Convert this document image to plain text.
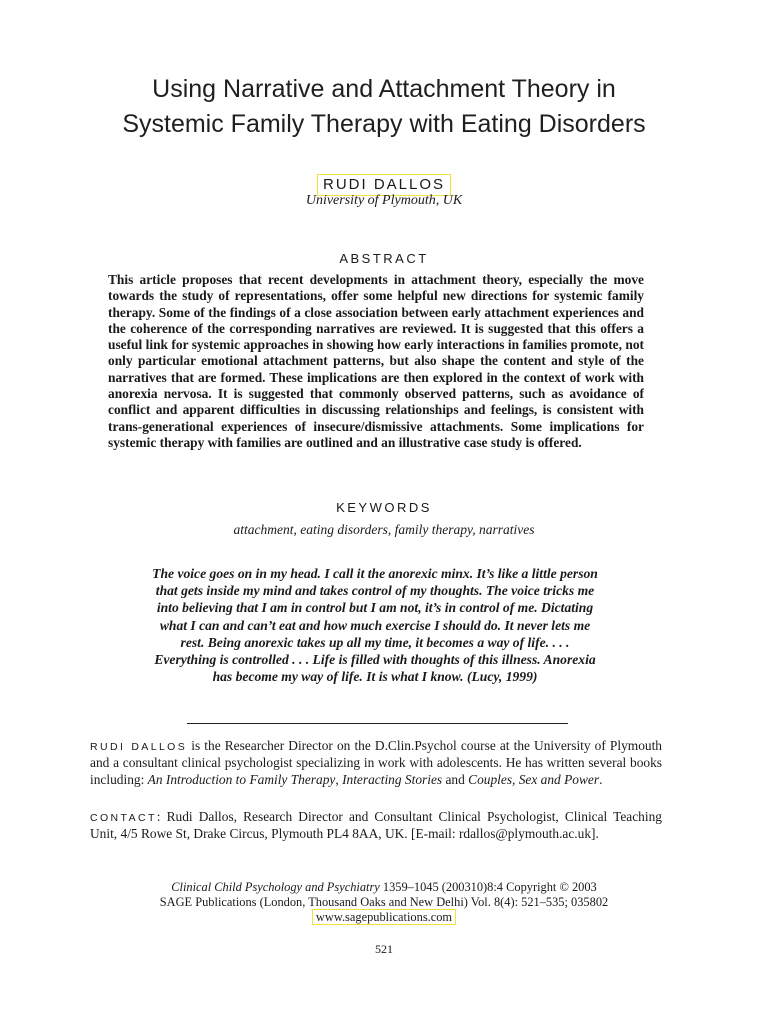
Using Narrative and Attachment Theory in
Systemic Family Therapy with Eating Disorders
RUDI DALLOS
University of Plymouth, UK
ABSTRACT

This article proposes that recent developments in attachment theory, especially the move towards the study of representations, offer some helpful new directions for systemic family therapy. Some of the findings of a close association between early attachment experiences and the coherence of the corresponding narratives are reviewed. It is suggested that this offers a useful link for systemic approaches in showing how early interactions in families promote, not only particular emotional attachment patterns, but also shape the content and style of the narratives that are formed. These implications are then explored in the context of work with anorexia nervosa. It is suggested that commonly observed patterns, such as avoidance of conflict and apparent difficulties in discussing relationships and feelings, is consistent with trans-generational experiences of insecure/dismissive attachments. Some implications for systemic therapy with families are outlined and an illustrative case study is offered.

KEYWORDS
attachment, eating disorders, family therapy, narratives

The voice goes on in my head. I call it the anorexic minx. It’s like a little person
that gets inside my mind and takes control of my thoughts. The voice tricks me
into believing that I am in control but I am not, it’s in control of me. Dictating
what I can and can’t eat and how much exercise I should do. It never lets me
rest. Being anorexic takes up all my time, it becomes a way of life. . . .
Everything is controlled . . . Life is filled with thoughts of this illness. Anorexia
has become my way of life. It is what I know. (Lucy, 1999)

RUDI DALLOS is the Researcher Director on the D.Clin.Psychol course at the University of Plymouth and a consultant clinical psychologist specializing in work with adolescents. He has written several books including: An Introduction to Family Therapy, Interacting Stories and Couples, Sex and Power.

CONTACT: Rudi Dallos, Research Director and Consultant Clinical Psychologist, Clinical Teaching Unit, 4/5 Rowe St, Drake Circus, Plymouth PL4 8AA, UK. [E-mail: rdallos@plymouth.ac.uk].

Clinical Child Psychology and Psychiatry 1359–1045 (200310)8:4 Copyright © 2003
SAGE Publications (London, Thousand Oaks and New Delhi) Vol. 8(4): 521–535; 035802
www.sagepublications.com
521
